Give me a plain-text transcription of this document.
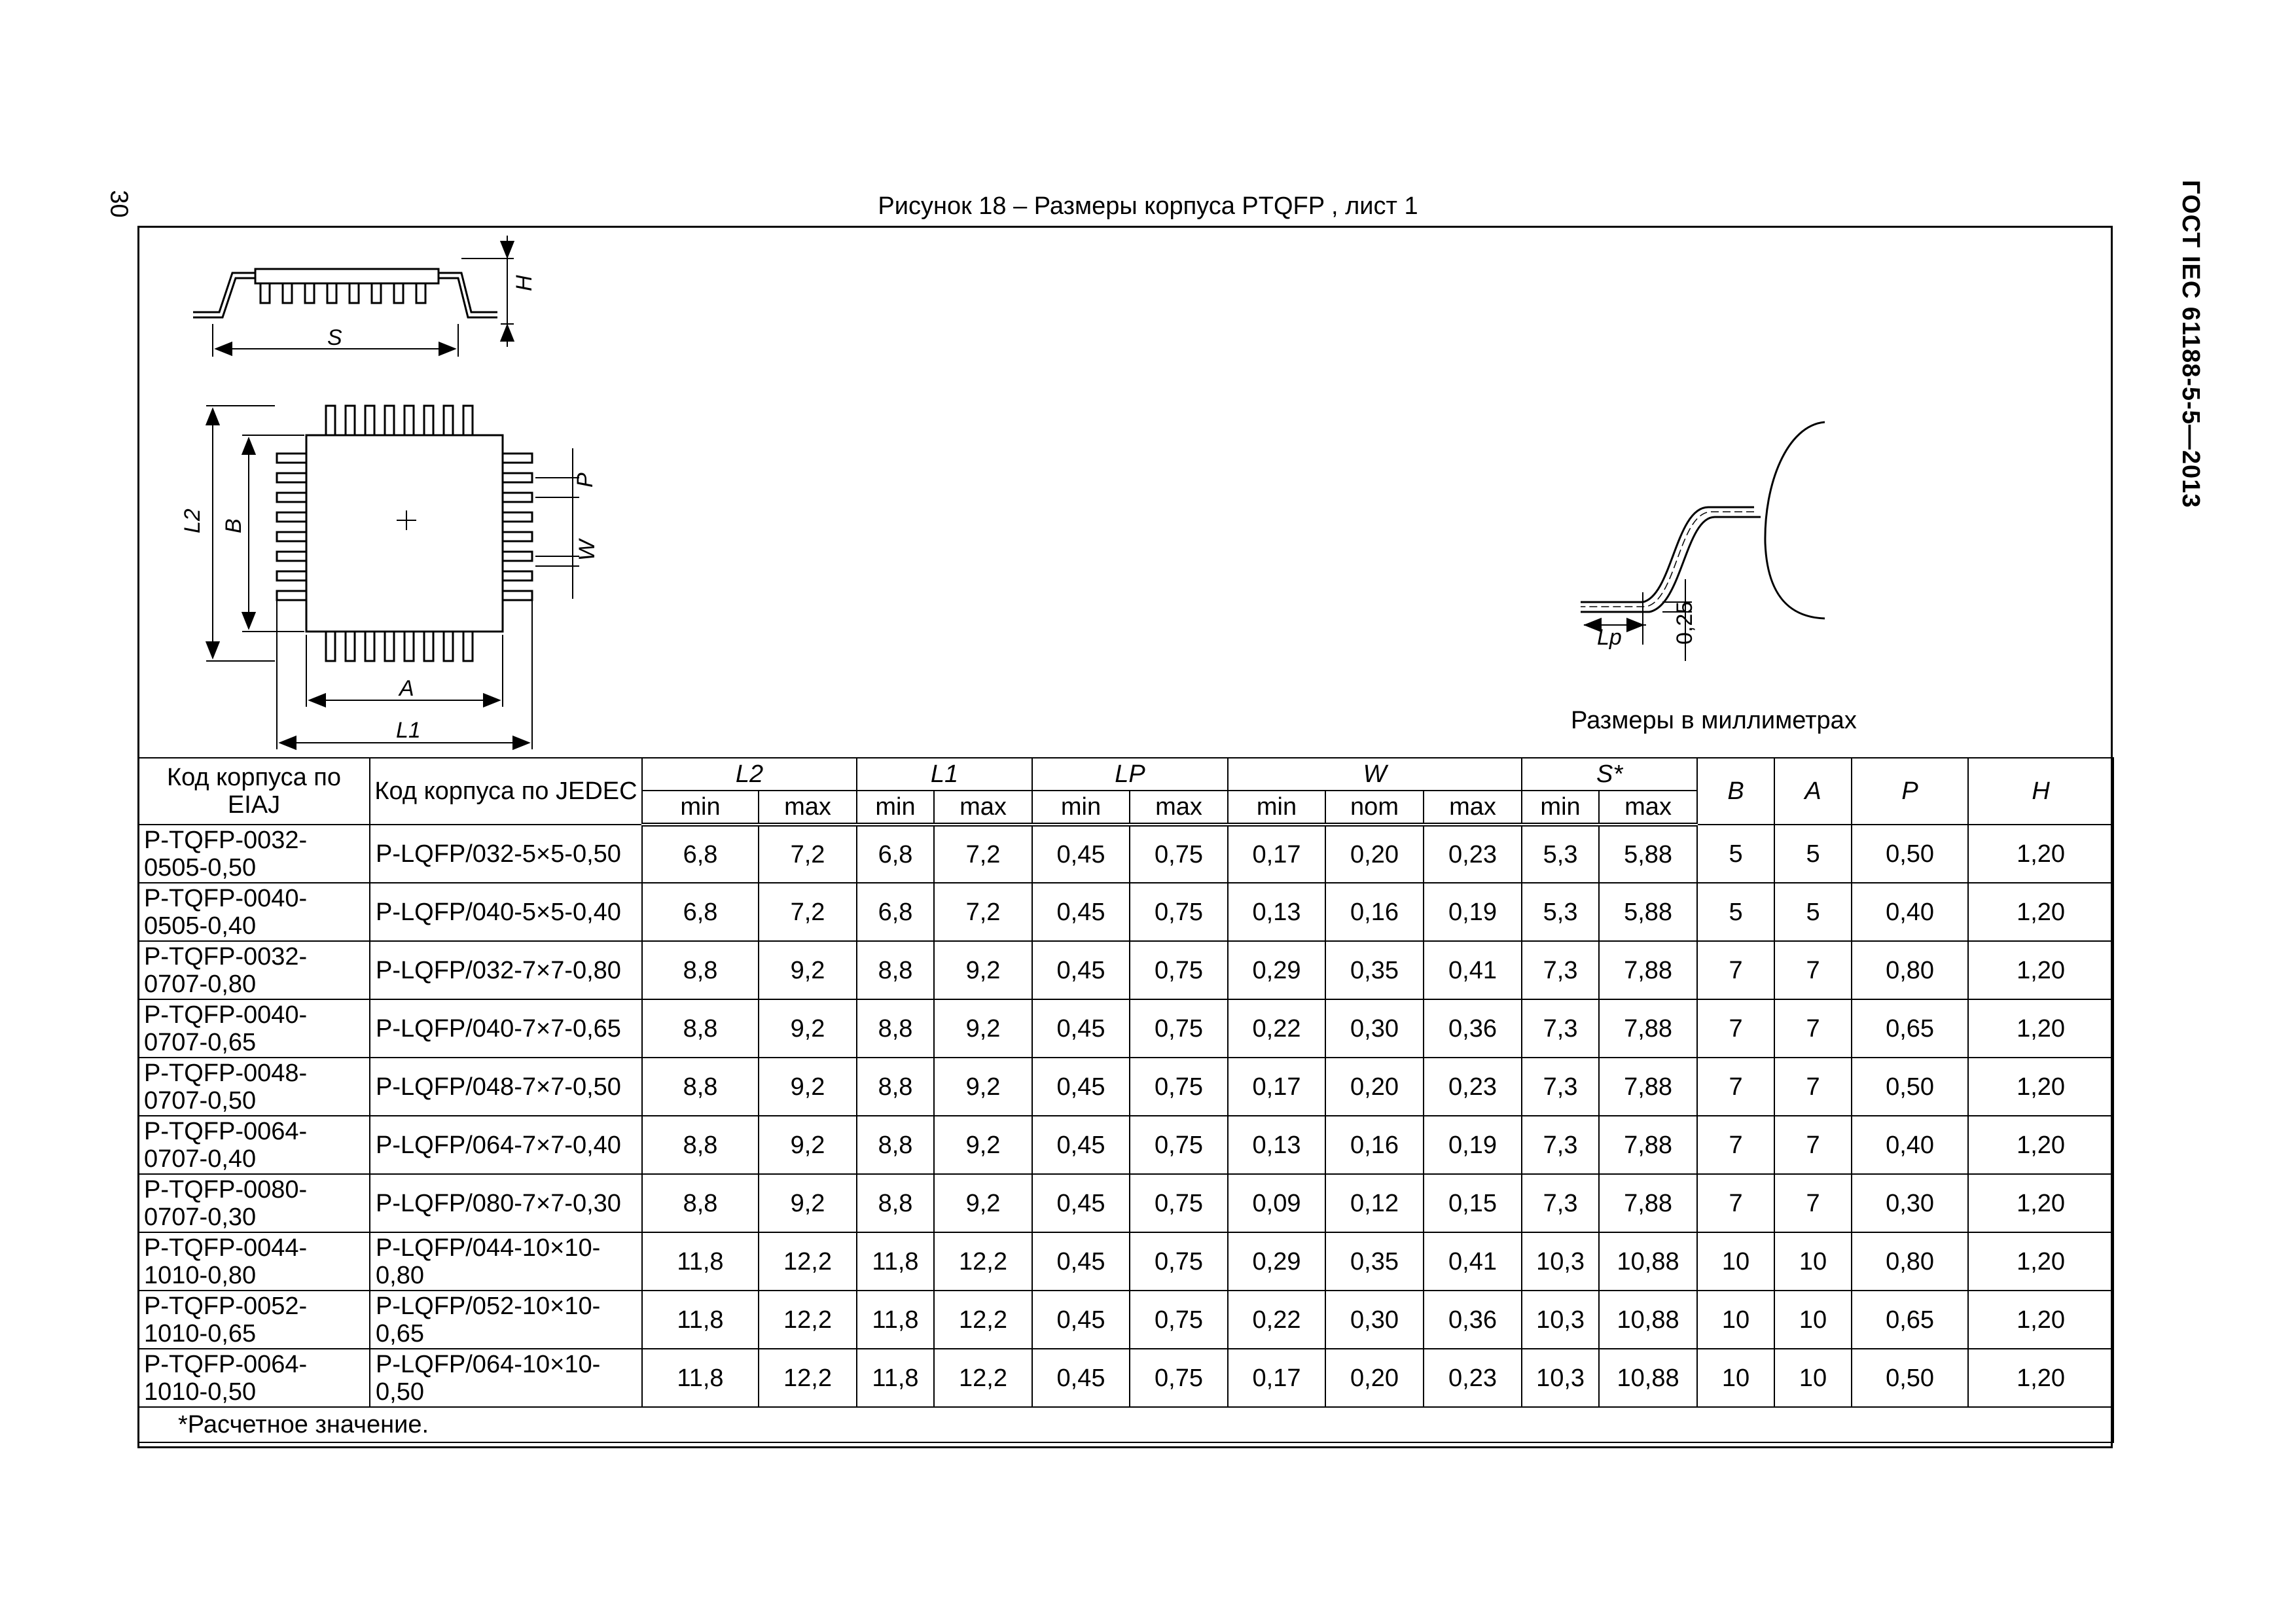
30	ГОСТ IEC 61188-5-5—2013
Рисунок 18 – Размеры корпуса PTQFP , лист 1
S
H
L2 B
P
W
A
L1
Lp 0,25
Размеры в миллиметрах
Код корпуса по EIAJ	Код корпуса по JEDEC	L2		L1		LP		W			S*		B	A	P	H
		min	max	min	max	min	max	min	nom	max	min	max				
P-TQFP-0032-0505-0,50	P-LQFP/032-5×5-0,50	6,8	7,2	6,8	7,2	0,45	0,75	0,17	0,20	0,23	5,3	5,88	5	5	0,50	1,20
P-TQFP-0040-0505-0,40	P-LQFP/040-5×5-0,40	6,8	7,2	6,8	7,2	0,45	0,75	0,13	0,16	0,19	5,3	5,88	5	5	0,40	1,20
P-TQFP-0032-0707-0,80	P-LQFP/032-7×7-0,80	8,8	9,2	8,8	9,2	0,45	0,75	0,29	0,35	0,41	7,3	7,88	7	7	0,80	1,20
P-TQFP-0040-0707-0,65	P-LQFP/040-7×7-0,65	8,8	9,2	8,8	9,2	0,45	0,75	0,22	0,30	0,36	7,3	7,88	7	7	0,65	1,20
P-TQFP-0048-0707-0,50	P-LQFP/048-7×7-0,50	8,8	9,2	8,8	9,2	0,45	0,75	0,17	0,20	0,23	7,3	7,88	7	7	0,50	1,20
P-TQFP-0064-0707-0,40	P-LQFP/064-7×7-0,40	8,8	9,2	8,8	9,2	0,45	0,75	0,13	0,16	0,19	7,3	7,88	7	7	0,40	1,20
P-TQFP-0080-0707-0,30	P-LQFP/080-7×7-0,30	8,8	9,2	8,8	9,2	0,45	0,75	0,09	0,12	0,15	7,3	7,88	7	7	0,30	1,20
P-TQFP-0044-1010-0,80	P-LQFP/044-10×10-0,80	11,8	12,2	11,8	12,2	0,45	0,75	0,29	0,35	0,41	10,3	10,88	10	10	0,80	1,20
P-TQFP-0052-1010-0,65	P-LQFP/052-10×10-0,65	11,8	12,2	11,8	12,2	0,45	0,75	0,22	0,30	0,36	10,3	10,88	10	10	0,65	1,20
P-TQFP-0064-1010-0,50	P-LQFP/064-10×10-0,50	11,8	12,2	11,8	12,2	0,45	0,75	0,17	0,20	0,23	10,3	10,88	10	10	0,50	1,20
*Расчетное значение.																
